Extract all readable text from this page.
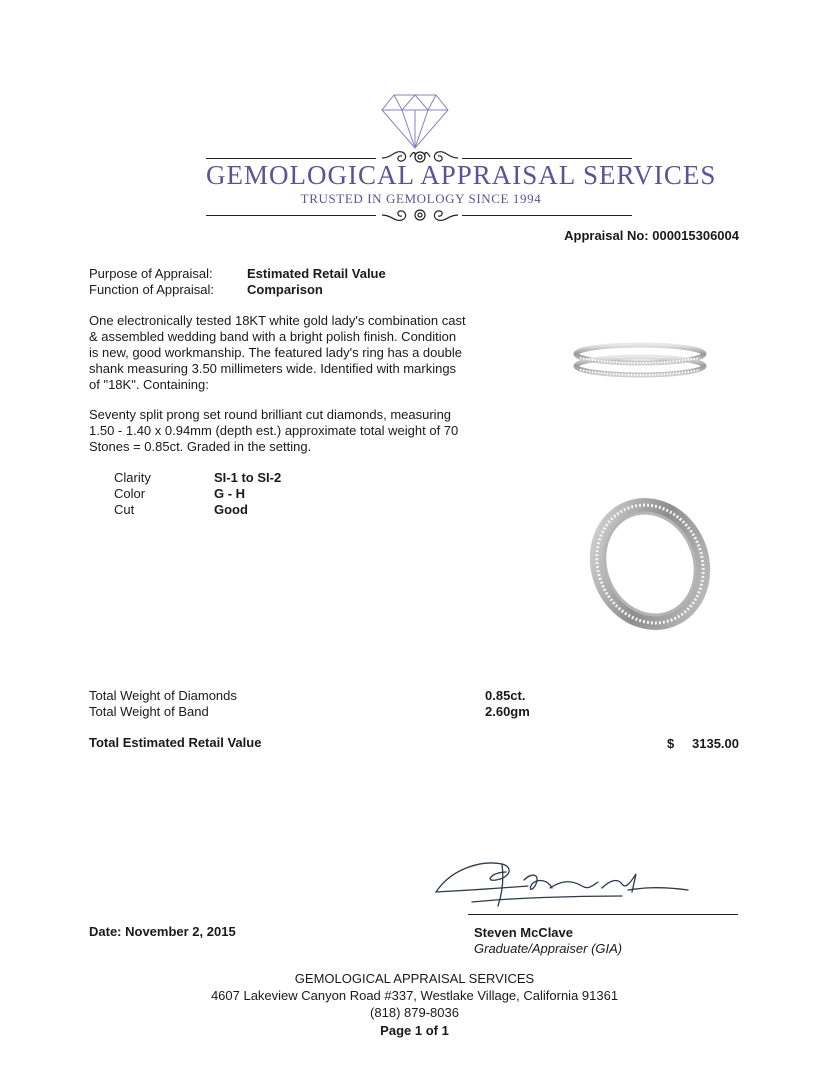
GEMOLOGICAL APPRAISAL SERVICES
TRUSTED IN GEMOLOGY SINCE 1994
Appraisal No: 000015306004
Purpose of Appraisal:	Estimated Retail Value
Function of Appraisal:	Comparison
One electronically tested 18KT white gold lady's combination cast
& assembled wedding band with a bright polish finish. Condition
is new, good workmanship. The featured lady's ring has a double
shank measuring 3.50 millimeters wide. Identified with markings
of "18K". Containing:
Seventy split prong set round brilliant cut diamonds, measuring
1.50 - 1.40 x 0.94mm (depth est.) approximate total weight of 70
Stones = 0.85ct. Graded in the setting.
Clarity	SI-1 to SI-2
Color	G - H
Cut	Good
Total Weight of Diamonds	0.85ct.
Total Weight of Band	2.60gm
Total Estimated Retail Value	$ 3135.00
Steven McClave
Graduate/Appraiser (GIA)
Date: November 2, 2015
GEMOLOGICAL APPRAISAL SERVICES
4607 Lakeview Canyon Road #337, Westlake Village, California 91361
(818) 879-8036
Page 1 of 1
